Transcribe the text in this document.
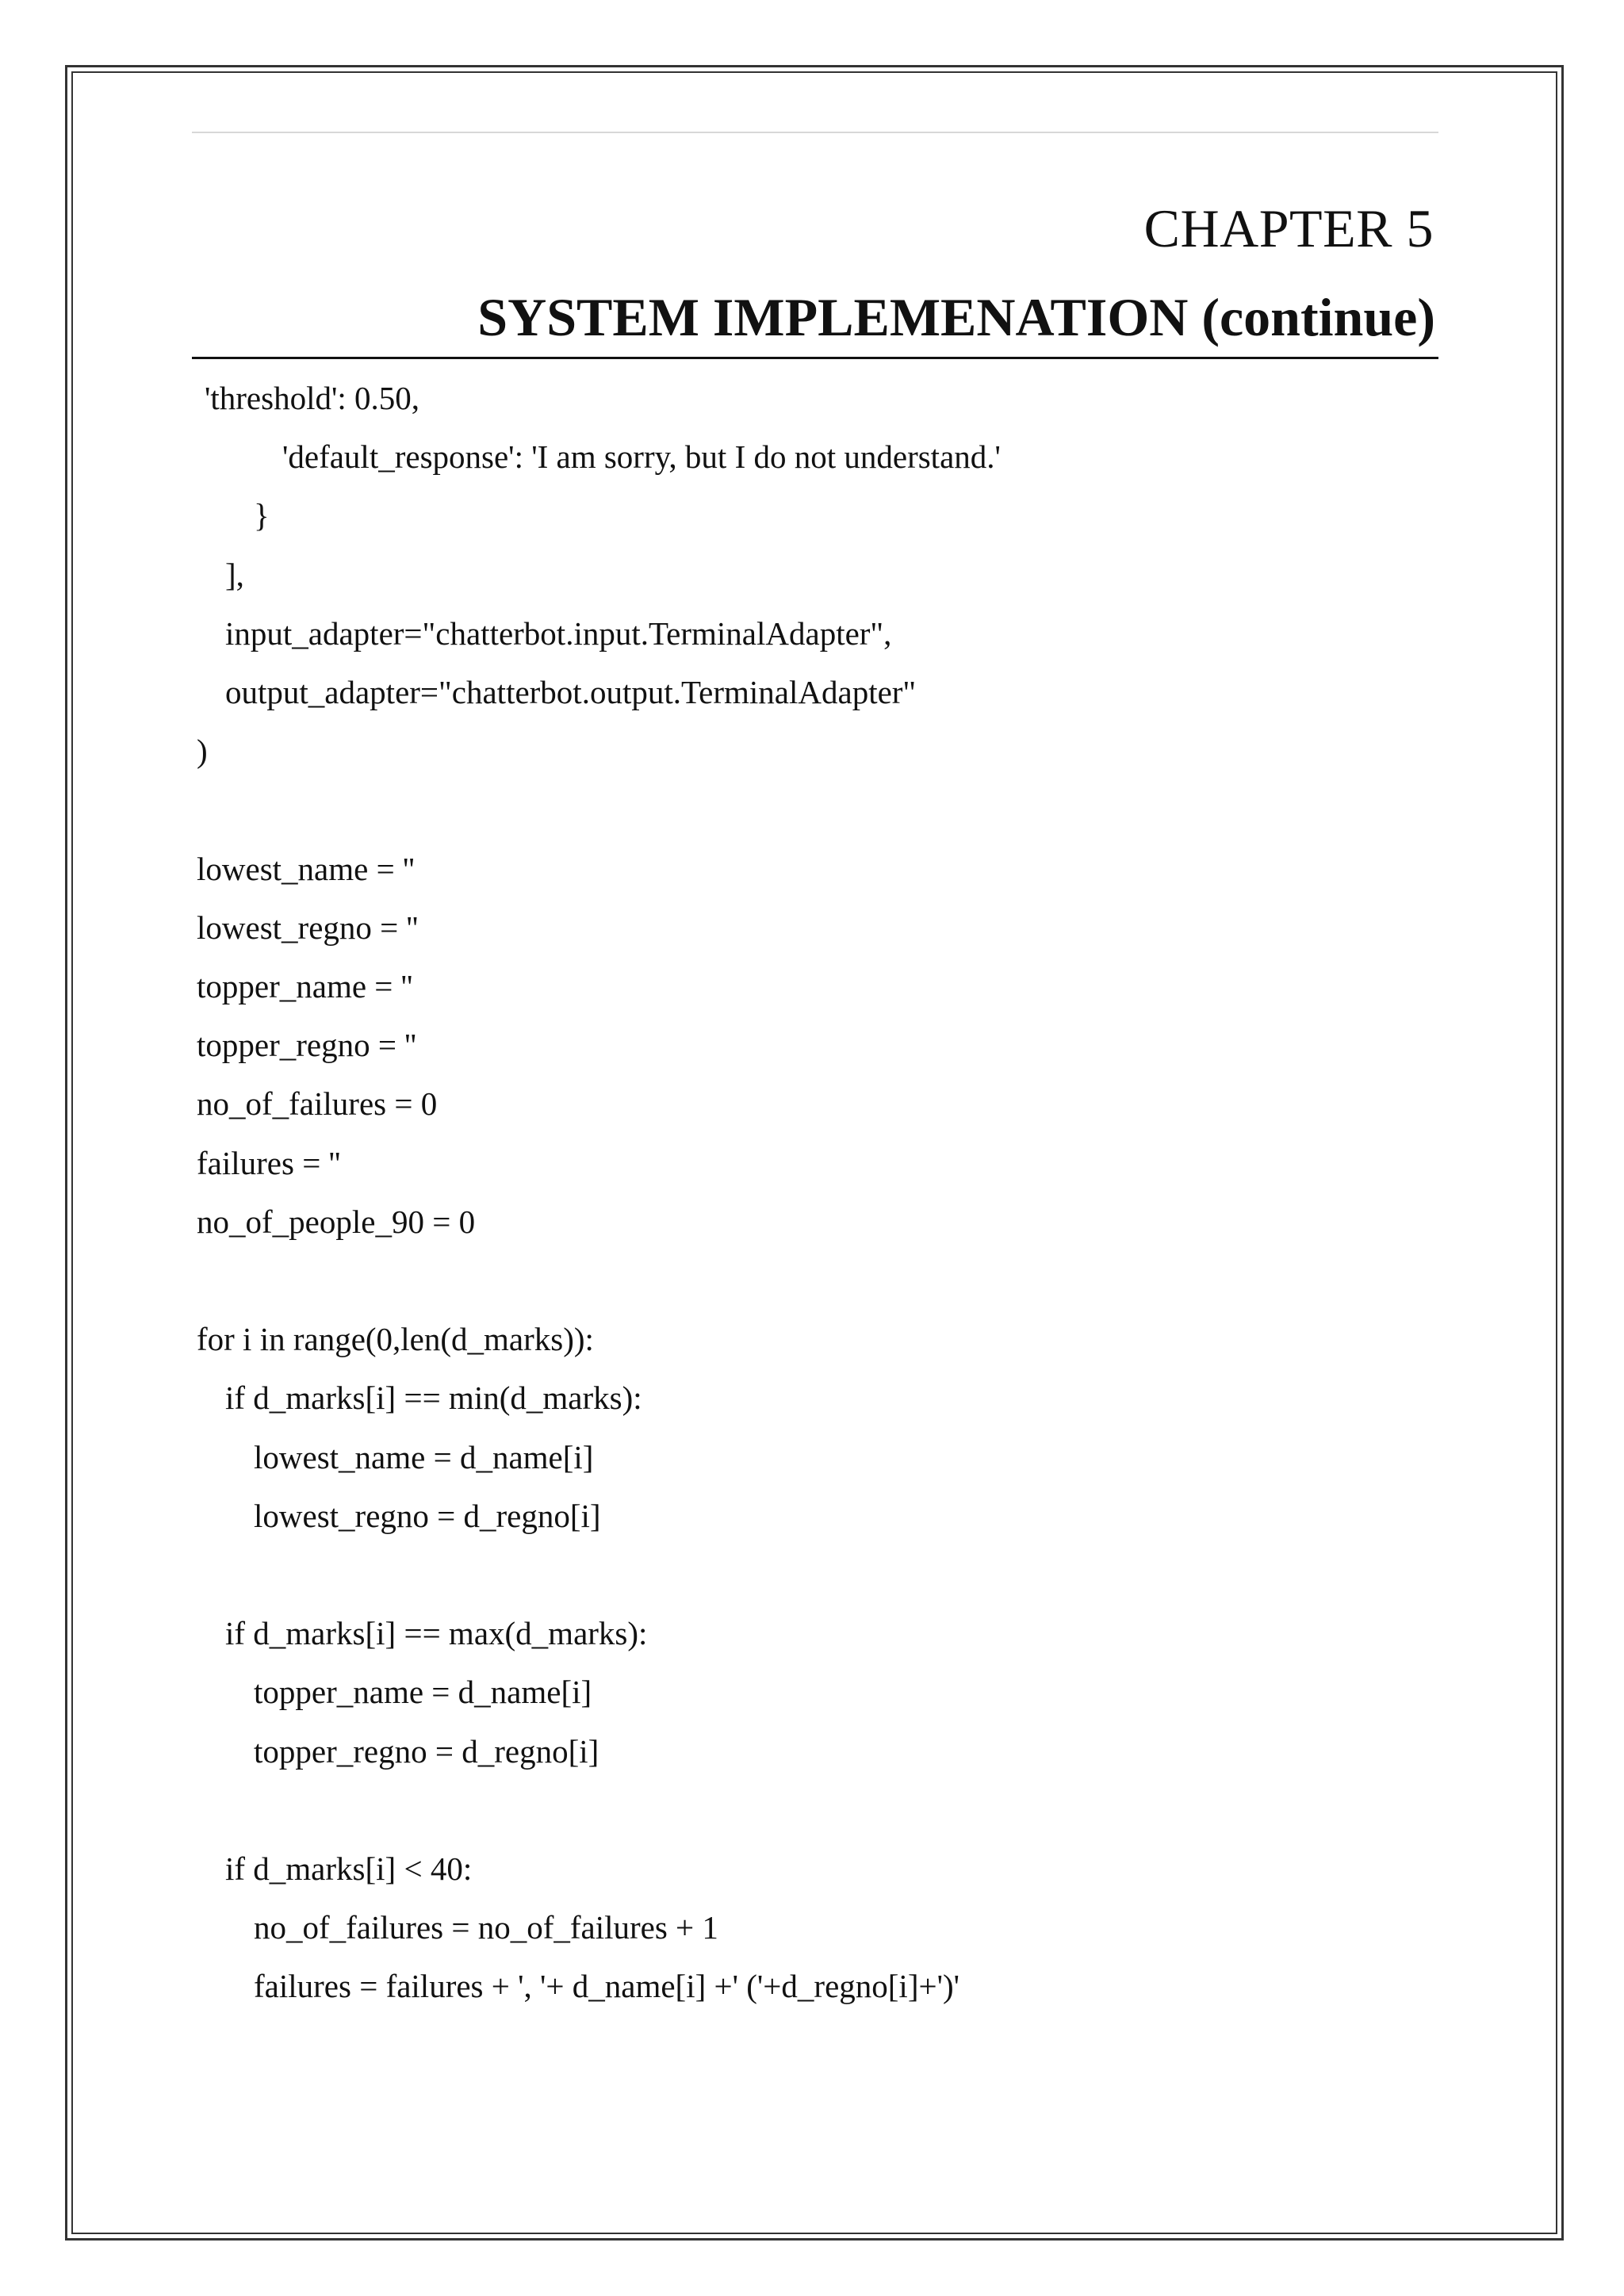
CHAPTER 5
SYSTEM IMPLEMENATION (continue)
'threshold': 0.50,
'default_response': 'I am sorry, but I do not understand.'
}
],
input_adapter="chatterbot.input.TerminalAdapter",
output_adapter="chatterbot.output.TerminalAdapter"
)
lowest_name = ''
lowest_regno = ''
topper_name = ''
topper_regno = ''
no_of_failures = 0
failures = ''
no_of_people_90 = 0
for i in range(0,len(d_marks)):
if d_marks[i] == min(d_marks):
lowest_name = d_name[i]
lowest_regno = d_regno[i]
if d_marks[i] == max(d_marks):
topper_name = d_name[i]
topper_regno = d_regno[i]
if d_marks[i] < 40:
no_of_failures = no_of_failures + 1
failures = failures + ', '+ d_name[i] +' ('+d_regno[i]+')'
